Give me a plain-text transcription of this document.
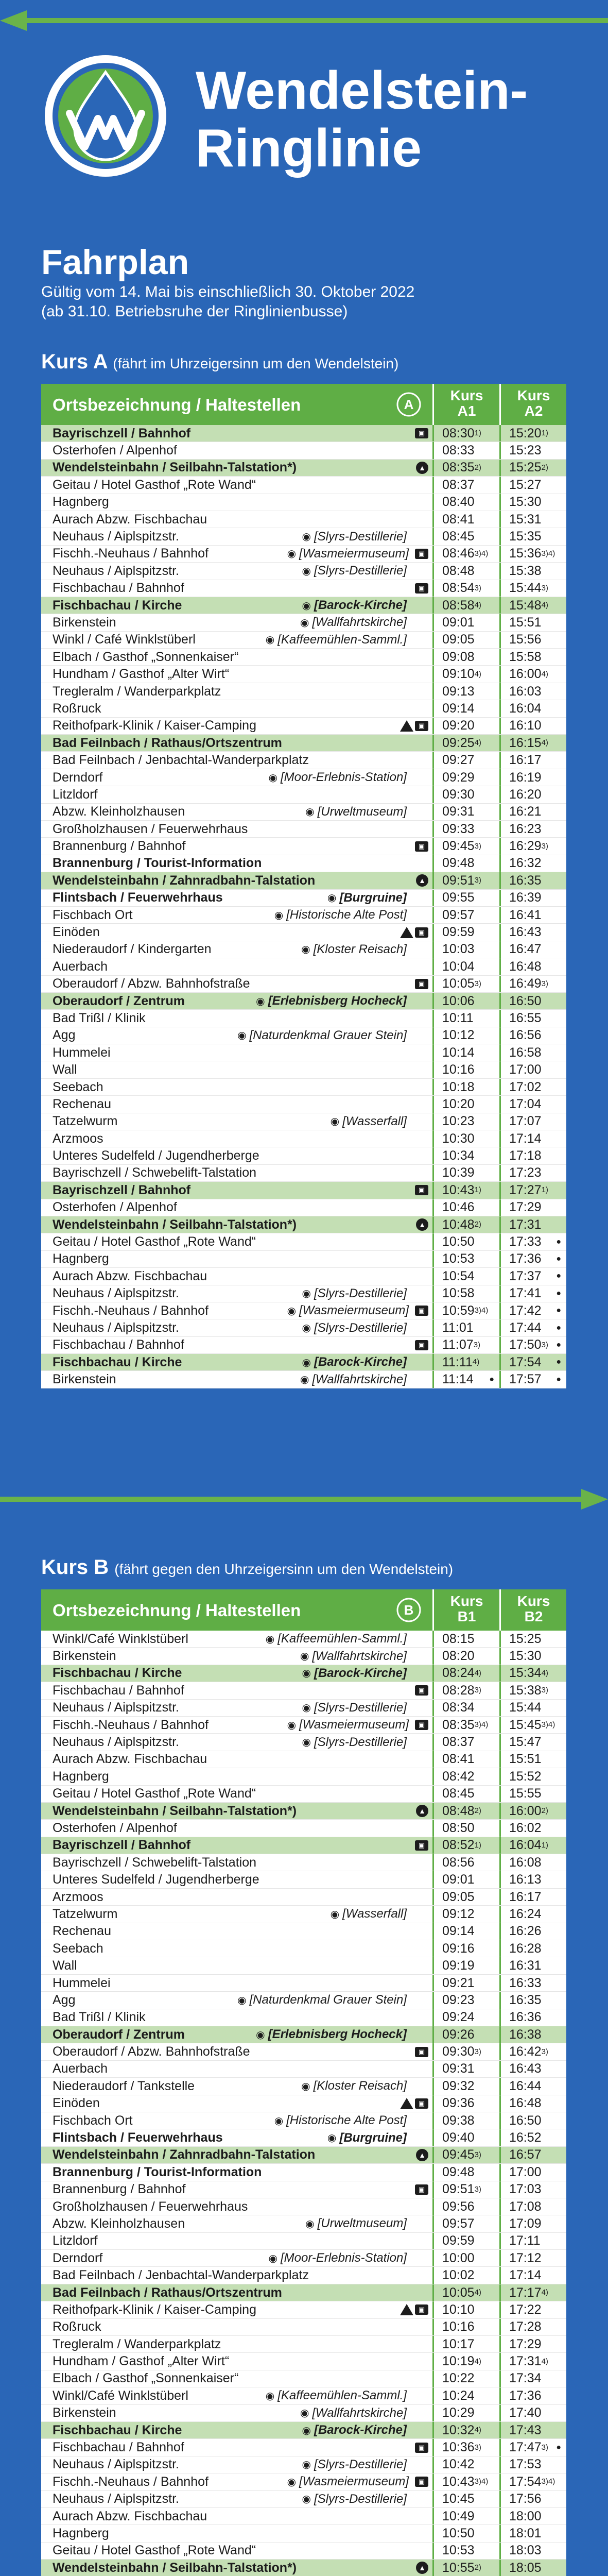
Wendelstein-
Ringlinie
Fahrplan

Gültig vom 14. Mai bis einschließlich 30. Oktober 2022

(ab 31.10. Betriebsruhe der Ringlinienbusse)

Kurs A (fährt im Uhrzeigersinn um den Wendelstein)
Ortsbezeichnung / Haltestellen	A
Kurs
A1
Kurs
A2
Bayrischzell / Bahnhof	▣ 08:30 1) 15:20 1)
Osterhofen / Alpenhof	08:33	15:23
Wendelsteinbahn / Seilbahn-Talstation*)	▲ 08:35 2) 15:25 2)
Geitau / Hotel Gasthof „Rote Wand“	08:37	15:27
Hagnberg	08:40	15:30
Aurach Abzw. Fischbachau	08:41	15:31
Neuhaus / Aiplspitzstr.	◉ [Slyrs-Destillerie]	08:45	15:35
Fischh.-Neuhaus / Bahnhof	◉ [Wasmeiermuseum]	▣ 08:46 3)4) 15:36 3)4)
Neuhaus / Aiplspitzstr.	◉ [Slyrs-Destillerie]	08:48	15:38
Fischbachau / Bahnhof	▣ 08:54 3) 15:44 3)
Fischbachau / Kirche	◉ [Barock-Kirche]	08:58 4) 15:48 4)
Birkenstein	◉ [Wallfahrtskirche]	09:01	15:51
Winkl / Café Winklstüberl	◉ [Kaffeemühlen-Samml.]	09:05	15:56
Elbach / Gasthof „Sonnenkaiser“	09:08	15:58
Hundham / Gasthof „Alter Wirt“	09:10 4) 16:00 4)
Tregleralm / Wanderparkplatz	09:13	16:03
Roßruck	09:14	16:04
Reithofpark-Klinik / Kaiser-Camping	▣ 09:20	16:10
Bad Feilnbach / Rathaus/Ortszentrum	09:25 4) 16:15 4)
Bad Feilnbach / Jenbachtal-Wanderparkplatz	09:27	16:17
Derndorf	◉ [Moor-Erlebnis-Station]	09:29	16:19
Litzldorf	09:30	16:20
Abzw. Kleinholzhausen	◉ [Urweltmuseum]	09:31	16:21
Großholzhausen / Feuerwehrhaus	09:33	16:23
Brannenburg / Bahnhof	▣ 09:45 3) 16:29 3)
Brannenburg / Tourist-Information	09:48	16:32
Wendelsteinbahn / Zahnradbahn-Talstation	▲ 09:51 3) 16:35
Flintsbach / Feuerwehrhaus	◉ [Burgruine]	09:55	16:39
Fischbach Ort	◉ [Historische Alte Post]	09:57	16:41
Einöden	▣ 09:59	16:43
Niederaudorf / Kindergarten	◉ [Kloster Reisach]	10:03	16:47
Auerbach	10:04	16:48
Oberaudorf / Abzw. Bahnhofstraße	▣ 10:05 3) 16:49 3)
Oberaudorf / Zentrum	◉ [Erlebnisberg Hocheck]	10:06	16:50
Bad Trißl / Klinik	10:11	16:55
Agg	◉ [Naturdenkmal Grauer Stein]	10:12	16:56
Hummelei	10:14	16:58
Wall	10:16	17:00
Seebach	10:18	17:02
Rechenau	10:20	17:04
Tatzelwurm	◉ [Wasserfall]	10:23	17:07
Arzmoos	10:30	17:14
Unteres Sudelfeld / Jugendherberge	10:34	17:18
Bayrischzell / Schwebelift-Talstation	10:39	17:23
Bayrischzell / Bahnhof	▣ 10:43 1) 17:27 1)
Osterhofen / Alpenhof	10:46	17:29
Wendelsteinbahn / Seilbahn-Talstation*)	▲ 10:48 2) 17:31
Geitau / Hotel Gasthof „Rote Wand“	10:50	17:33 ●
Hagnberg	10:53	17:36 ●
Aurach Abzw. Fischbachau	10:54	17:37 ●
Neuhaus / Aiplspitzstr.	◉ [Slyrs-Destillerie]	10:58	17:41 ●
Fischh.-Neuhaus / Bahnhof	◉ [Wasmeiermuseum]	▣ 10:59 3)4) 17:42 ●
Neuhaus / Aiplspitzstr.	◉ [Slyrs-Destillerie]	11:01	17:44 ●
Fischbachau / Bahnhof	▣ 11:07 3) 17:50 3) ●
Fischbachau / Kirche	◉ [Barock-Kirche]	11:11 4) 17:54 ●
Birkenstein	◉ [Wallfahrtskirche]	11:14 ● 17:57 ●
Kurs B (fährt gegen den Uhrzeigersinn um den Wendelstein)
Ortsbezeichnung / Haltestellen	B
Kurs
B1
Kurs
B2
Winkl/Café Winklstüberl	◉ [Kaffeemühlen-Samml.]	08:15	15:25
Birkenstein	◉ [Wallfahrtskirche]	08:20	15:30
Fischbachau / Kirche	◉ [Barock-Kirche]	08:24 4) 15:34 4)
Fischbachau / Bahnhof	▣ 08:28 3) 15:38 3)
Neuhaus / Aiplspitzstr.	◉ [Slyrs-Destillerie]	08:34	15:44
Fischh.-Neuhaus / Bahnhof	◉ [Wasmeiermuseum]	▣ 08:35 3)4) 15:45 3)4)
Neuhaus / Aiplspitzstr.	◉ [Slyrs-Destillerie]	08:37	15:47
Aurach Abzw. Fischbachau	08:41	15:51
Hagnberg	08:42	15:52
Geitau / Hotel Gasthof „Rote Wand“	08:45	15:55
Wendelsteinbahn / Seilbahn-Talstation*)	▲ 08:48 2) 16:00 2)
Osterhofen / Alpenhof	08:50	16:02
Bayrischzell / Bahnhof	▣ 08:52 1) 16:04 1)
Bayrischzell / Schwebelift-Talstation	08:56	16:08
Unteres Sudelfeld / Jugendherberge	09:01	16:13
Arzmoos	09:05	16:17
Tatzelwurm	◉ [Wasserfall]	09:12	16:24
Rechenau	09:14	16:26
Seebach	09:16	16:28
Wall	09:19	16:31
Hummelei	09:21	16:33
Agg	◉ [Naturdenkmal Grauer Stein]	09:23	16:35
Bad Trißl / Klinik	09:24	16:36
Oberaudorf / Zentrum	◉ [Erlebnisberg Hocheck]	09:26	16:38
Oberaudorf / Abzw. Bahnhofstraße	▣ 09:30 3) 16:42 3)
Auerbach	09:31	16:43
Niederaudorf / Tankstelle	◉ [Kloster Reisach]	09:32	16:44
Einöden	▣ 09:36	16:48
Fischbach Ort	◉ [Historische Alte Post]	09:38	16:50
Flintsbach / Feuerwehrhaus	◉ [Burgruine]	09:40	16:52
Wendelsteinbahn / Zahnradbahn-Talstation	▲ 09:45 3) 16:57
Brannenburg / Tourist-Information	09:48	17:00
Brannenburg / Bahnhof	▣ 09:51 3) 17:03
Großholzhausen / Feuerwehrhaus	09:56	17:08
Abzw. Kleinholzhausen	◉ [Urweltmuseum]	09:57	17:09
Litzldorf	09:59	17:11
Derndorf	◉ [Moor-Erlebnis-Station]	10:00	17:12
Bad Feilnbach / Jenbachtal-Wanderparkplatz	10:02	17:14
Bad Feilnbach / Rathaus/Ortszentrum	10:05 4) 17:17 4)
Reithofpark-Klinik / Kaiser-Camping	▣ 10:10	17:22
Roßruck	10:16	17:28
Tregleralm / Wanderparkplatz	10:17	17:29
Hundham / Gasthof „Alter Wirt“	10:19 4) 17:31 4)
Elbach / Gasthof „Sonnenkaiser“	10:22	17:34
Winkl/Café Winklstüberl	◉ [Kaffeemühlen-Samml.]	10:24	17:36
Birkenstein	◉ [Wallfahrtskirche]	10:29	17:40
Fischbachau / Kirche	◉ [Barock-Kirche]	10:32 4) 17:43
Fischbachau / Bahnhof	▣ 10:36 3) 17:47 3) ●
Neuhaus / Aiplspitzstr.	◉ [Slyrs-Destillerie]	10:42	17:53
Fischh.-Neuhaus / Bahnhof	◉ [Wasmeiermuseum]	▣ 10:43 3)4) 17:54 3)4)
Neuhaus / Aiplspitzstr.	◉ [Slyrs-Destillerie]	10:45	17:56
Aurach Abzw. Fischbachau	10:49	18:00
Hagnberg	10:50	18:01
Geitau / Hotel Gasthof „Rote Wand“	10:53	18:03
Wendelsteinbahn / Seilbahn-Talstation*)	▲ 10:55 2) 18:05
